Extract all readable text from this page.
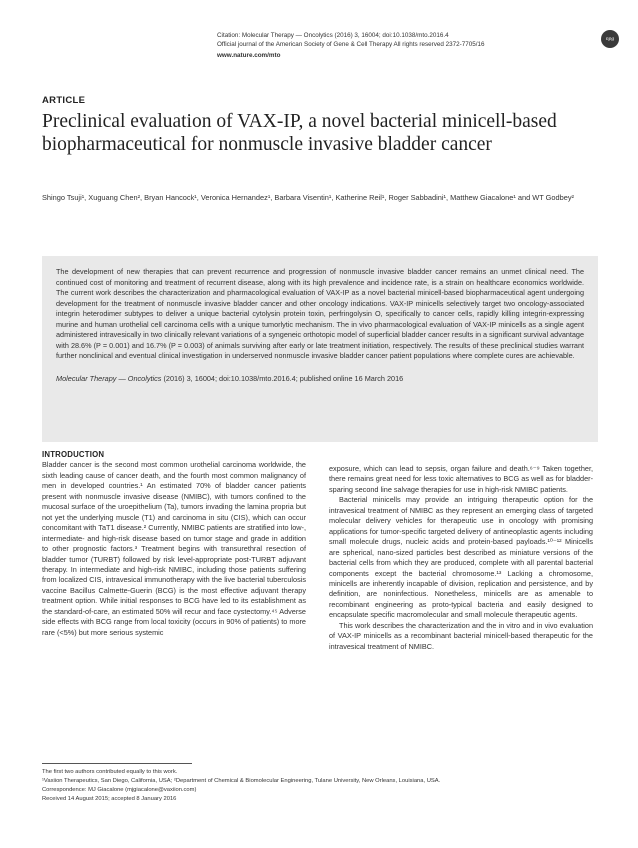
Citation: Molecular Therapy — Oncolytics (2016) 3, 16004; doi:10.1038/mto.2016.4
Official journal of the American Society of Gene & Cell Therapy All rights reserved 2372-7705/16
www.nature.com/mto
npg
ARTICLE
Preclinical evaluation of VAX-IP, a novel bacterial minicell-based biopharmaceutical for nonmuscle invasive bladder cancer
Shingo Tsuji¹, Xuguang Chen², Bryan Hancock¹, Veronica Hernandez¹, Barbara Visentin¹, Katherine Reil¹, Roger Sabbadini¹, Matthew Giacalone¹ and WT Godbey²

The development of new therapies that can prevent recurrence and progression of nonmuscle invasive bladder cancer remains an unmet clinical need. The continued cost of monitoring and treatment of recurrent disease, along with its high prevalence and incidence rate, is a strain on healthcare economics worldwide. The current work describes the characterization and pharmacological evaluation of VAX-IP as a novel bacterial minicell-based biopharmaceutical agent undergoing development for the treatment of nonmuscle invasive bladder cancer and other oncology indications. VAX-IP minicells selectively target two oncology-associated integrin heterodimer subtypes to deliver a unique bacterial cytolysin protein toxin, perfringolysin O, specifically to cancer cells, rapidly killing integrin-expressing murine and human urothelial cell carcinoma cells with a unique tumorlytic mechanism. The in vivo pharmacological evaluation of VAX-IP minicells as a single agent administered intravesically in two clinically relevant variations of a syngeneic orthotopic model of superficial bladder cancer results in a significant survival advantage with 28.6% (P = 0.001) and 16.7% (P = 0.003) of animals surviving after early or late treatment initiation, respectively. The results of these preclinical studies warrant further nonclinical and eventual clinical investigation in underserved nonmuscle invasive bladder cancer patient populations where complete cures are achievable.

Molecular Therapy — Oncolytics (2016) 3, 16004; doi:10.1038/mto.2016.4; published online 16 March 2016

INTRODUCTION

Bladder cancer is the second most common urothelial carcinoma worldwide, the sixth leading cause of cancer death, and the fourth most common malignancy of men in developed countries.¹ An estimated 70% of bladder cancer patients present with nonmuscle invasive disease (NMIBC), with tumors confined to the mucosal surface of the uroepithelium (Ta), tumors invading the lamina propria but not yet the underlying muscle (T1) and carcinoma in situ (CIS), which can occur concomitant with TaT1 disease.² Currently, NMIBC patients are stratified into low-, intermediate- and high-risk disease based on tumor stage and grade in addition to other prognostic factors.³ Treatment begins with transurethral resection of bladder tumor (TURBT) followed by risk level-appropriate post-TURBT adjuvant therapy. In intermediate and high-risk NMIBC, including those patients suffering from localized CIS, intravesical immunotherapy with the live bacterial tuberculosis vaccine Bacillus Calmette-Guerin (BCG) is the most effective adjuvant therapy treatment option. While initial responses to BCG have led to its establishment as the standard-of-care, an estimated 50% will recur and face cystectomy.⁴⁵ Adverse side effects with BCG range from local toxicity (occurs in 90% of patients) to more rare (<5%) but more serious systemic

exposure, which can lead to sepsis, organ failure and death.⁶⁻⁹ Taken together, there remains great need for less toxic alternatives to BCG as well as for bladder-sparing second line salvage therapies for use in high-risk NMIBC patients.

Bacterial minicells may provide an intriguing therapeutic option for the intravesical treatment of NMIBC as they represent an emerging class of targeted molecular delivery vehicles for therapeutic use in oncology with promising applications for tumor-specific targeted delivery of antineoplastic agents including small molecule drugs, nucleic acids and protein-based payloads.¹⁰⁻¹² Minicells are spherical, nano-sized particles best described as miniature versions of the bacterial cells from which they are produced, complete with all parental bacterial components except the bacterial chromosome.¹³ Lacking a chromosome, minicells are inherently incapable of division, replication and persistence, and by definition, are noninfectious. Nonetheless, minicells are as amenable to recombinant engineering as proto-typical bacteria and easily designed to encapsulate specific macromolecular and small molecule therapeutic agents.

This work describes the characterization and the in vitro and in vivo evaluation of VAX-IP minicells as a recombinant bacterial minicell-based therapeutic for the intravesical treatment of NMIBC.

The first two authors contributed equally to this work.
¹Vaxiion Therapeutics, San Diego, California, USA; ²Department of Chemical & Biomolecular Engineering, Tulane University, New Orleans, Louisiana, USA.
Correspondence: MJ Giacalone (mjgiacalone@vaxiion.com)
Received 14 August 2015; accepted 8 January 2016
